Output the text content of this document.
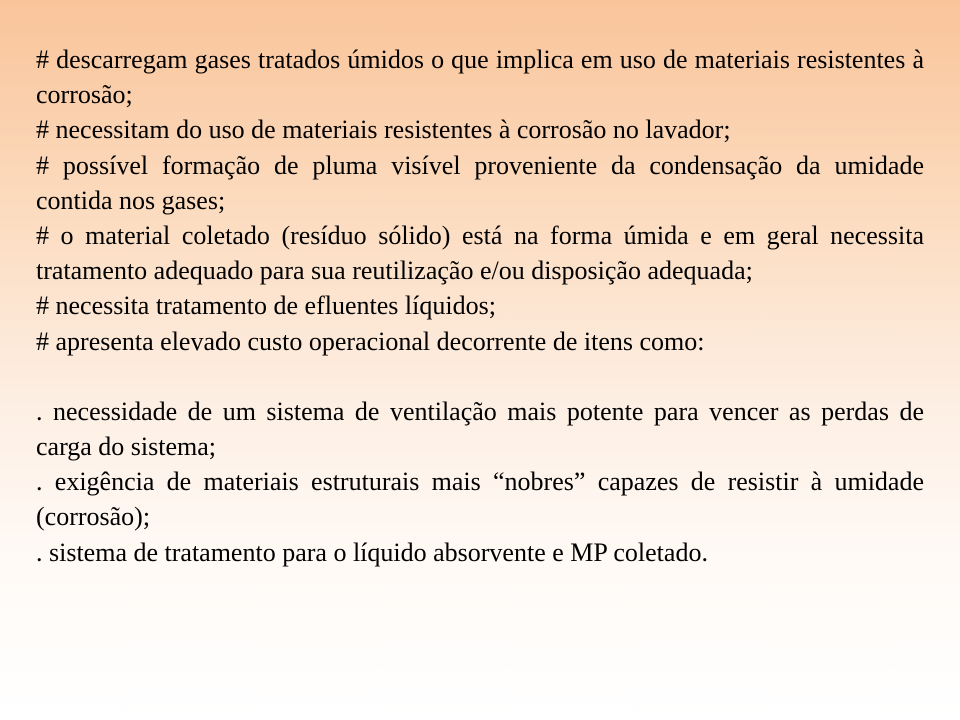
# descarregam gases tratados úmidos o que implica em uso de materiais resistentes à corrosão;

# necessitam do uso de materiais resistentes à corrosão no lavador;

# possível formação de pluma visível proveniente da condensação da umidade contida nos gases;

# o material coletado (resíduo sólido) está na forma úmida e em geral necessita tratamento adequado para sua reutilização e/ou disposição adequada;

# necessita tratamento de efluentes líquidos;

# apresenta elevado custo operacional decorrente de itens como:

. necessidade de um sistema de ventilação mais potente para vencer as perdas de carga do sistema;

. exigência de materiais estruturais mais “nobres” capazes de resistir à umidade (corrosão);

. sistema de tratamento para o líquido absorvente e MP coletado.
